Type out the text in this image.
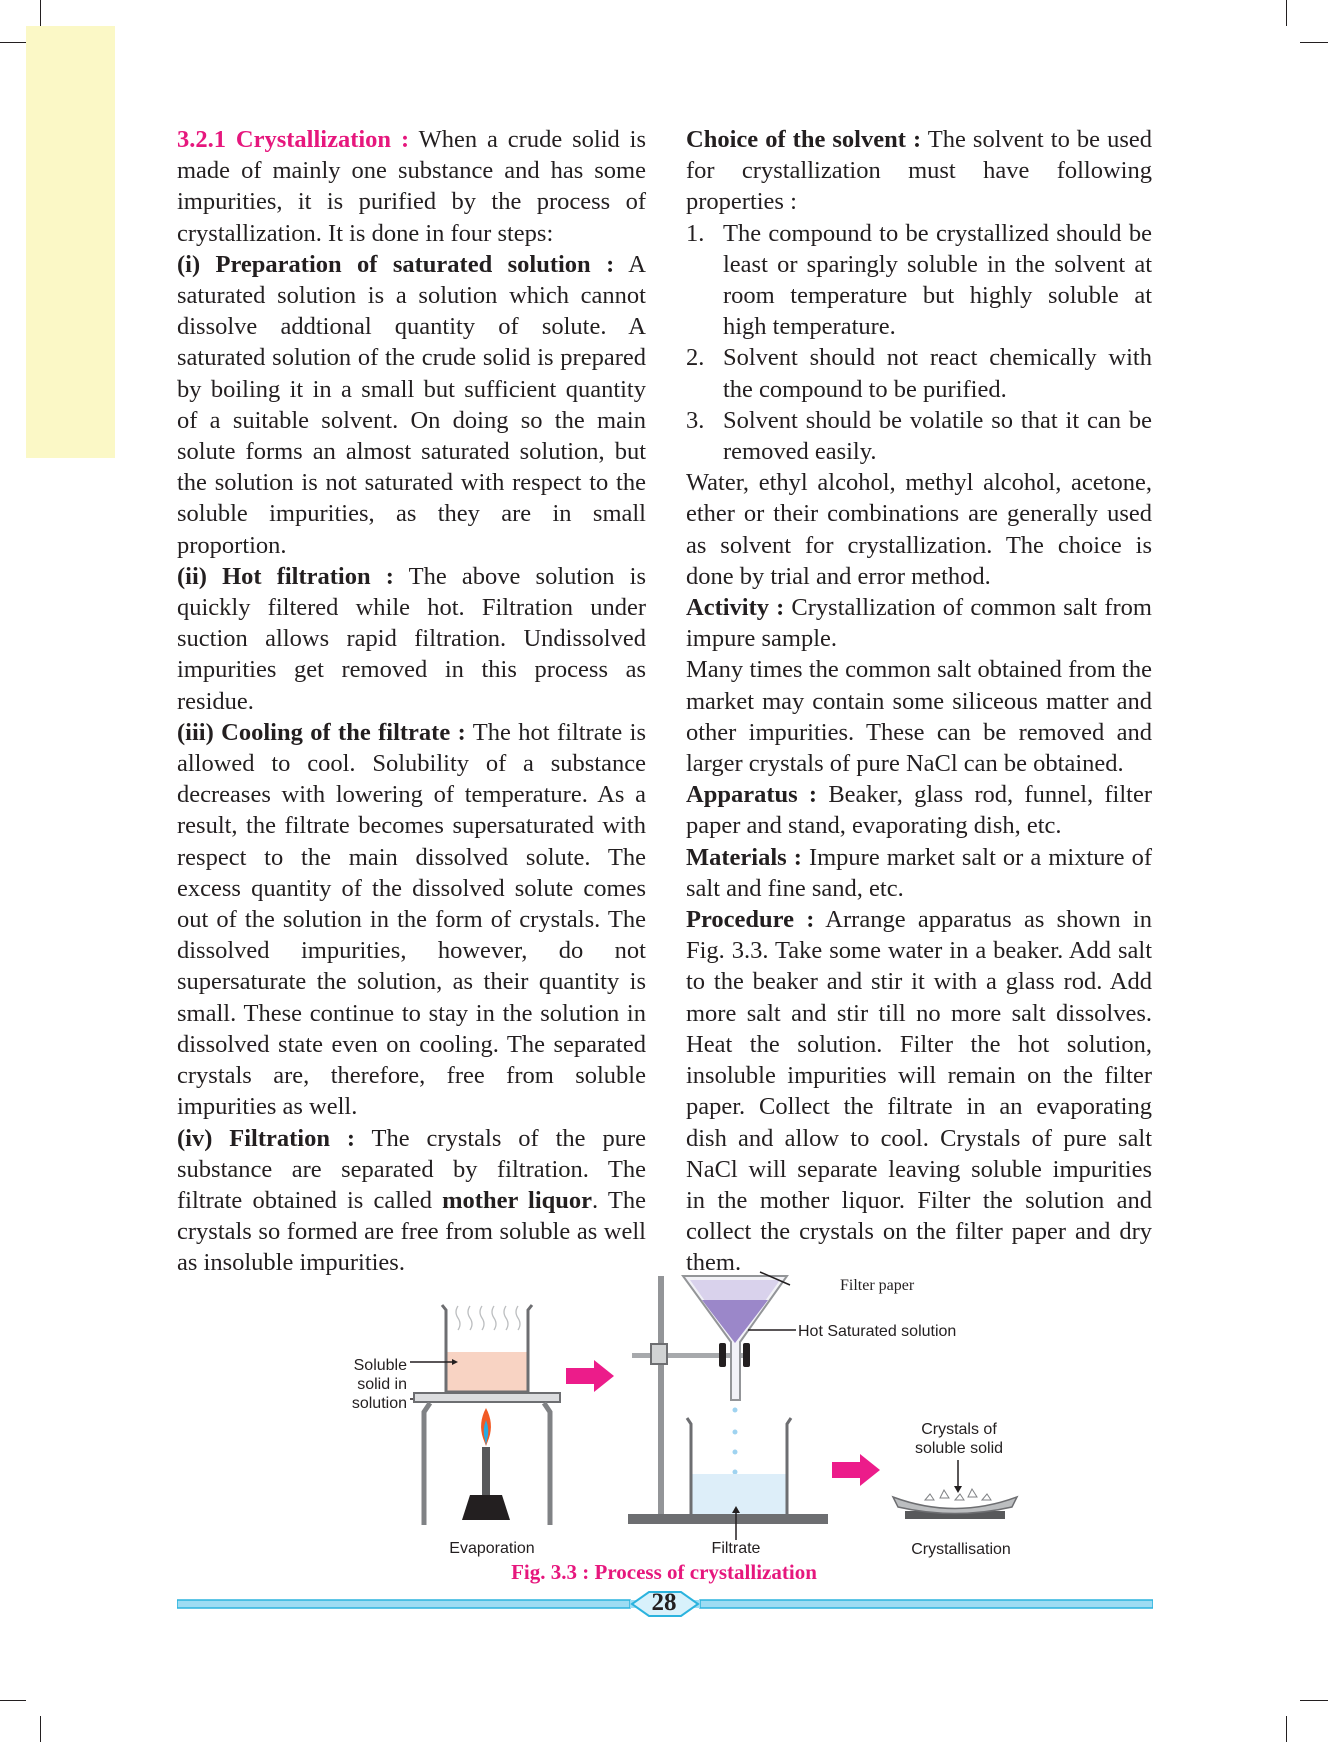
3.2.1 Crystallization : When a crude solid is made of mainly one substance and has some impurities, it is purified by the process of crystallization. It is done in four steps:

(i) Preparation of saturated solution : A saturated solution is a solution which cannot dissolve addtional quantity of solute. A saturated solution of the crude solid is prepared by boiling it in a small but sufficient quantity of a suitable solvent. On doing so the main solute forms an almost saturated solution, but the solution is not saturated with respect to the soluble impurities, as they are in small proportion.

(ii) Hot filtration : The above solution is quickly filtered while hot. Filtration under suction allows rapid filtration. Undissolved impurities get removed in this process as residue.

(iii) Cooling of the filtrate : The hot filtrate is allowed to cool. Solubility of a substance decreases with lowering of temperature. As a result, the filtrate becomes supersaturated with respect to the main dissolved solute. The excess quantity of the dissolved solute comes out of the solution in the form of crystals. The dissolved impurities, however, do not supersaturate the solution, as their quantity is small. These continue to stay in the solution in dissolved state even on cooling. The separated crystals are, therefore, free from soluble impurities as well.

(iv) Filtration : The crystals of the pure substance are separated by filtration. The filtrate obtained is called mother liquor. The crystals so formed are free from soluble as well as insoluble impurities.

Choice of the solvent : The solvent to be used for crystallization must have following properties :

1. The compound to be crystallized should be least or sparingly soluble in the solvent at room temperature but highly soluble at high temperature.
2. Solvent should not react chemically with the compound to be purified.
3. Solvent should be volatile so that it can be removed easily.

Water, ethyl alcohol, methyl alcohol, acetone, ether or their combinations are generally used as solvent for crystallization. The choice is done by trial and error method.

Activity : Crystallization of common salt from impure sample.

Many times the common salt obtained from the market may contain some siliceous matter and other impurities. These can be removed and larger crystals of pure NaCl can be obtained.

Apparatus : Beaker, glass rod, funnel, filter paper and stand, evaporating dish, etc.

Materials : Impure market salt or a mixture of salt and fine sand, etc.

Procedure : Arrange apparatus as shown in Fig. 3.3. Take some water in a beaker. Add salt to the beaker and stir it with a glass rod. Add more salt and stir till no more salt dissolves. Heat the solution. Filter the hot solution, insoluble impurities will remain on the filter paper. Collect the filtrate in an evaporating dish and allow to cool. Crystals of pure salt NaCl will separate leaving soluble impurities in the mother liquor. Filter the solution and collect the crystals on the filter paper and dry them.

Soluble
solid in
solution
Evaporation
Filter paper
Hot Saturated solution
Filtrate
Crystals of
soluble solid
Crystallisation
Fig. 3.3 : Process of crystallization
28
